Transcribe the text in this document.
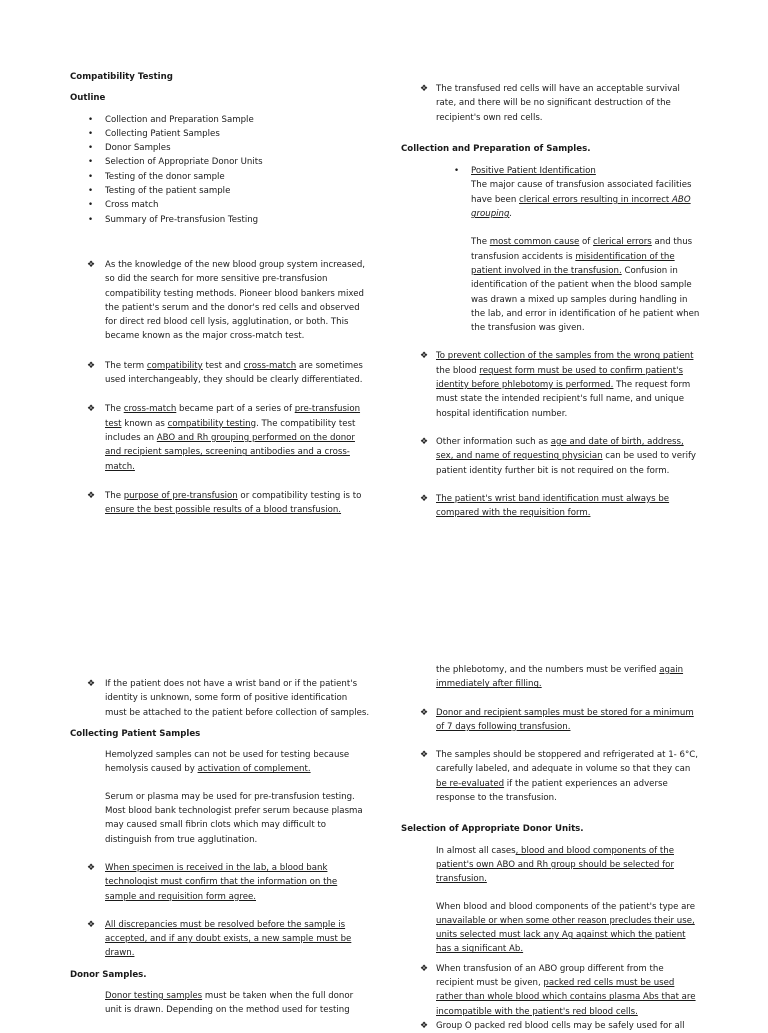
Compatibility Testing

Outline

• Collection and Preparation Sample
• Collecting Patient Samples
• Donor Samples
• Selection of Appropriate Donor Units
• Testing of the donor sample
• Testing of the patient sample
• Cross match
• Summary of Pre-transfusion Testing
❖ As the knowledge of the new blood group system increased, so did the search for more sensitive pre-transfusion compatibility testing methods. Pioneer blood bankers mixed the patient's serum and the donor's red cells and observed for direct red blood cell lysis, agglutination, or both. This became known as the major cross-match test.

❖ The term compatibility test and cross-match are sometimes used interchangeably, they should be clearly differentiated.

❖ The cross-match became part of a series of pre-transfusion test known as compatibility testing. The compatibility test includes an ABO and Rh grouping performed on the donor and recipient samples, screening antibodies and a cross-match.

❖ The purpose of pre-transfusion or compatibility testing is to ensure the best possible results of a blood transfusion.

❖ The transfused red cells will have an acceptable survival rate, and there will be no significant destruction of the recipient's own red cells.

Collection and Preparation of Samples.

• Positive Patient Identification

The major cause of transfusion associated facilities have been clerical errors resulting in incorrect ABO grouping.

The most common cause of clerical errors and thus transfusion accidents is misidentification of the patient involved in the transfusion. Confusion in identification of the patient when the blood sample was drawn a mixed up samples during handling in the lab, and error in identification of he patient when the transfusion was given.

❖ To prevent collection of the samples from the wrong patient the blood request form must be used to confirm patient's identity before phlebotomy is performed. The request form must state the intended recipient's full name, and unique hospital identification number.

❖ Other information such as age and date of birth, address, sex, and name of requesting physician can be used to verify patient identity further bit is not required on the form.

❖ The patient's wrist band identification must always be compared with the requisition form.

❖ If the patient does not have a wrist band or if the patient's identity is unknown, some form of positive identification must be attached to the patient before collection of samples.

Collecting Patient Samples

Hemolyzed samples can not be used for testing because hemolysis caused by activation of complement.

Serum or plasma may be used for pre-transfusion testing. Most blood bank technologist prefer serum because plasma may caused small fibrin clots which may difficult to distinguish from true agglutination.

❖ When specimen is received in the lab, a blood bank technologist must confirm that the information on the sample and requisition form agree.

❖ All discrepancies must be resolved before the sample is accepted, and if any doubt exists, a new sample must be drawn.

Donor Samples.

Donor testing samples must be taken when the full donor unit is drawn. Depending on the method used for testing

the phlebotomy, and the numbers must be verified again immediately after filling.

❖ Donor and recipient samples must be stored for a minimum of 7 days following transfusion.

❖ The samples should be stoppered and refrigerated at 1- 6°C, carefully labeled, and adequate in volume so that they can be re-evaluated if the patient experiences an adverse response to the transfusion.

Selection of Appropriate Donor Units.

In almost all cases, blood and blood components of the patient's own ABO and Rh group should be selected for transfusion.

When blood and blood components of the patient's type are unavailable or when some other reason precludes their use, units selected must lack any Ag against which the patient has a significant Ab.

❖ When transfusion of an ABO group different from the recipient must be given, packed red cells must be used rather than whole blood which contains plasma Abs that are incompatible with the patient's red blood cells.

❖ Group O packed red blood cells may be safely used for all
